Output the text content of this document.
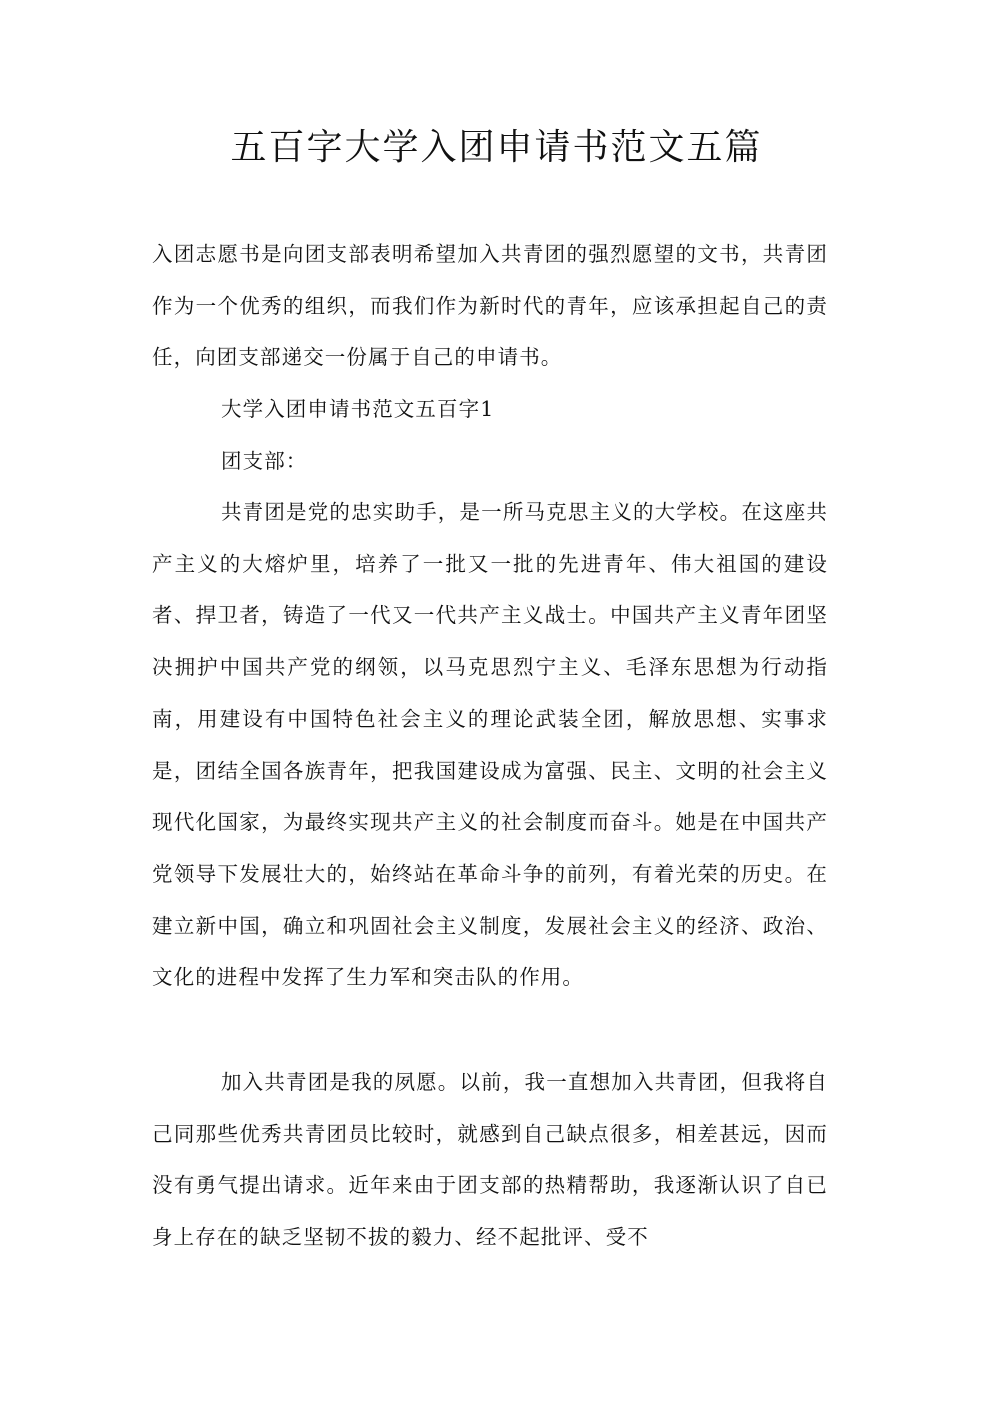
五百字大学入团申请书范文五篇

入团志愿书是向团支部表明希望加入共青团的强烈愿望的文书，共青团作为一个优秀的组织，而我们作为新时代的青年，应该承担起自己的责任，向团支部递交一份属于自己的申请书。

大学入团申请书范文五百字1

团支部：

共青团是党的忠实助手，是一所马克思主义的大学校。在这座共产主义的大熔炉里，培养了一批又一批的先进青年、伟大祖国的建设者、捍卫者，铸造了一代又一代共产主义战士。中国共产主义青年团坚决拥护中国共产党的纲领，以马克思烈宁主义、毛泽东思想为行动指南，用建设有中国特色社会主义的理论武装全团，解放思想、实事求是，团结全国各族青年，把我国建设成为富强、民主、文明的社会主义现代化国家，为最终实现共产主义的社会制度而奋斗。她是在中国共产党领导下发展壮大的，始终站在革命斗争的前列，有着光荣的历史。在建立新中国，确立和巩固社会主义制度，发展社会主义的经济、政治、文化的进程中发挥了生力军和突击队的作用。

加入共青团是我的夙愿。以前，我一直想加入共青团，但我将自己同那些优秀共青团员比较时，就感到自己缺点很多，相差甚远，因而没有勇气提出请求。近年来由于团支部的热精帮助，我逐渐认识了自已身上存在的缺乏坚韧不拔的毅力、经不起批评、受不
